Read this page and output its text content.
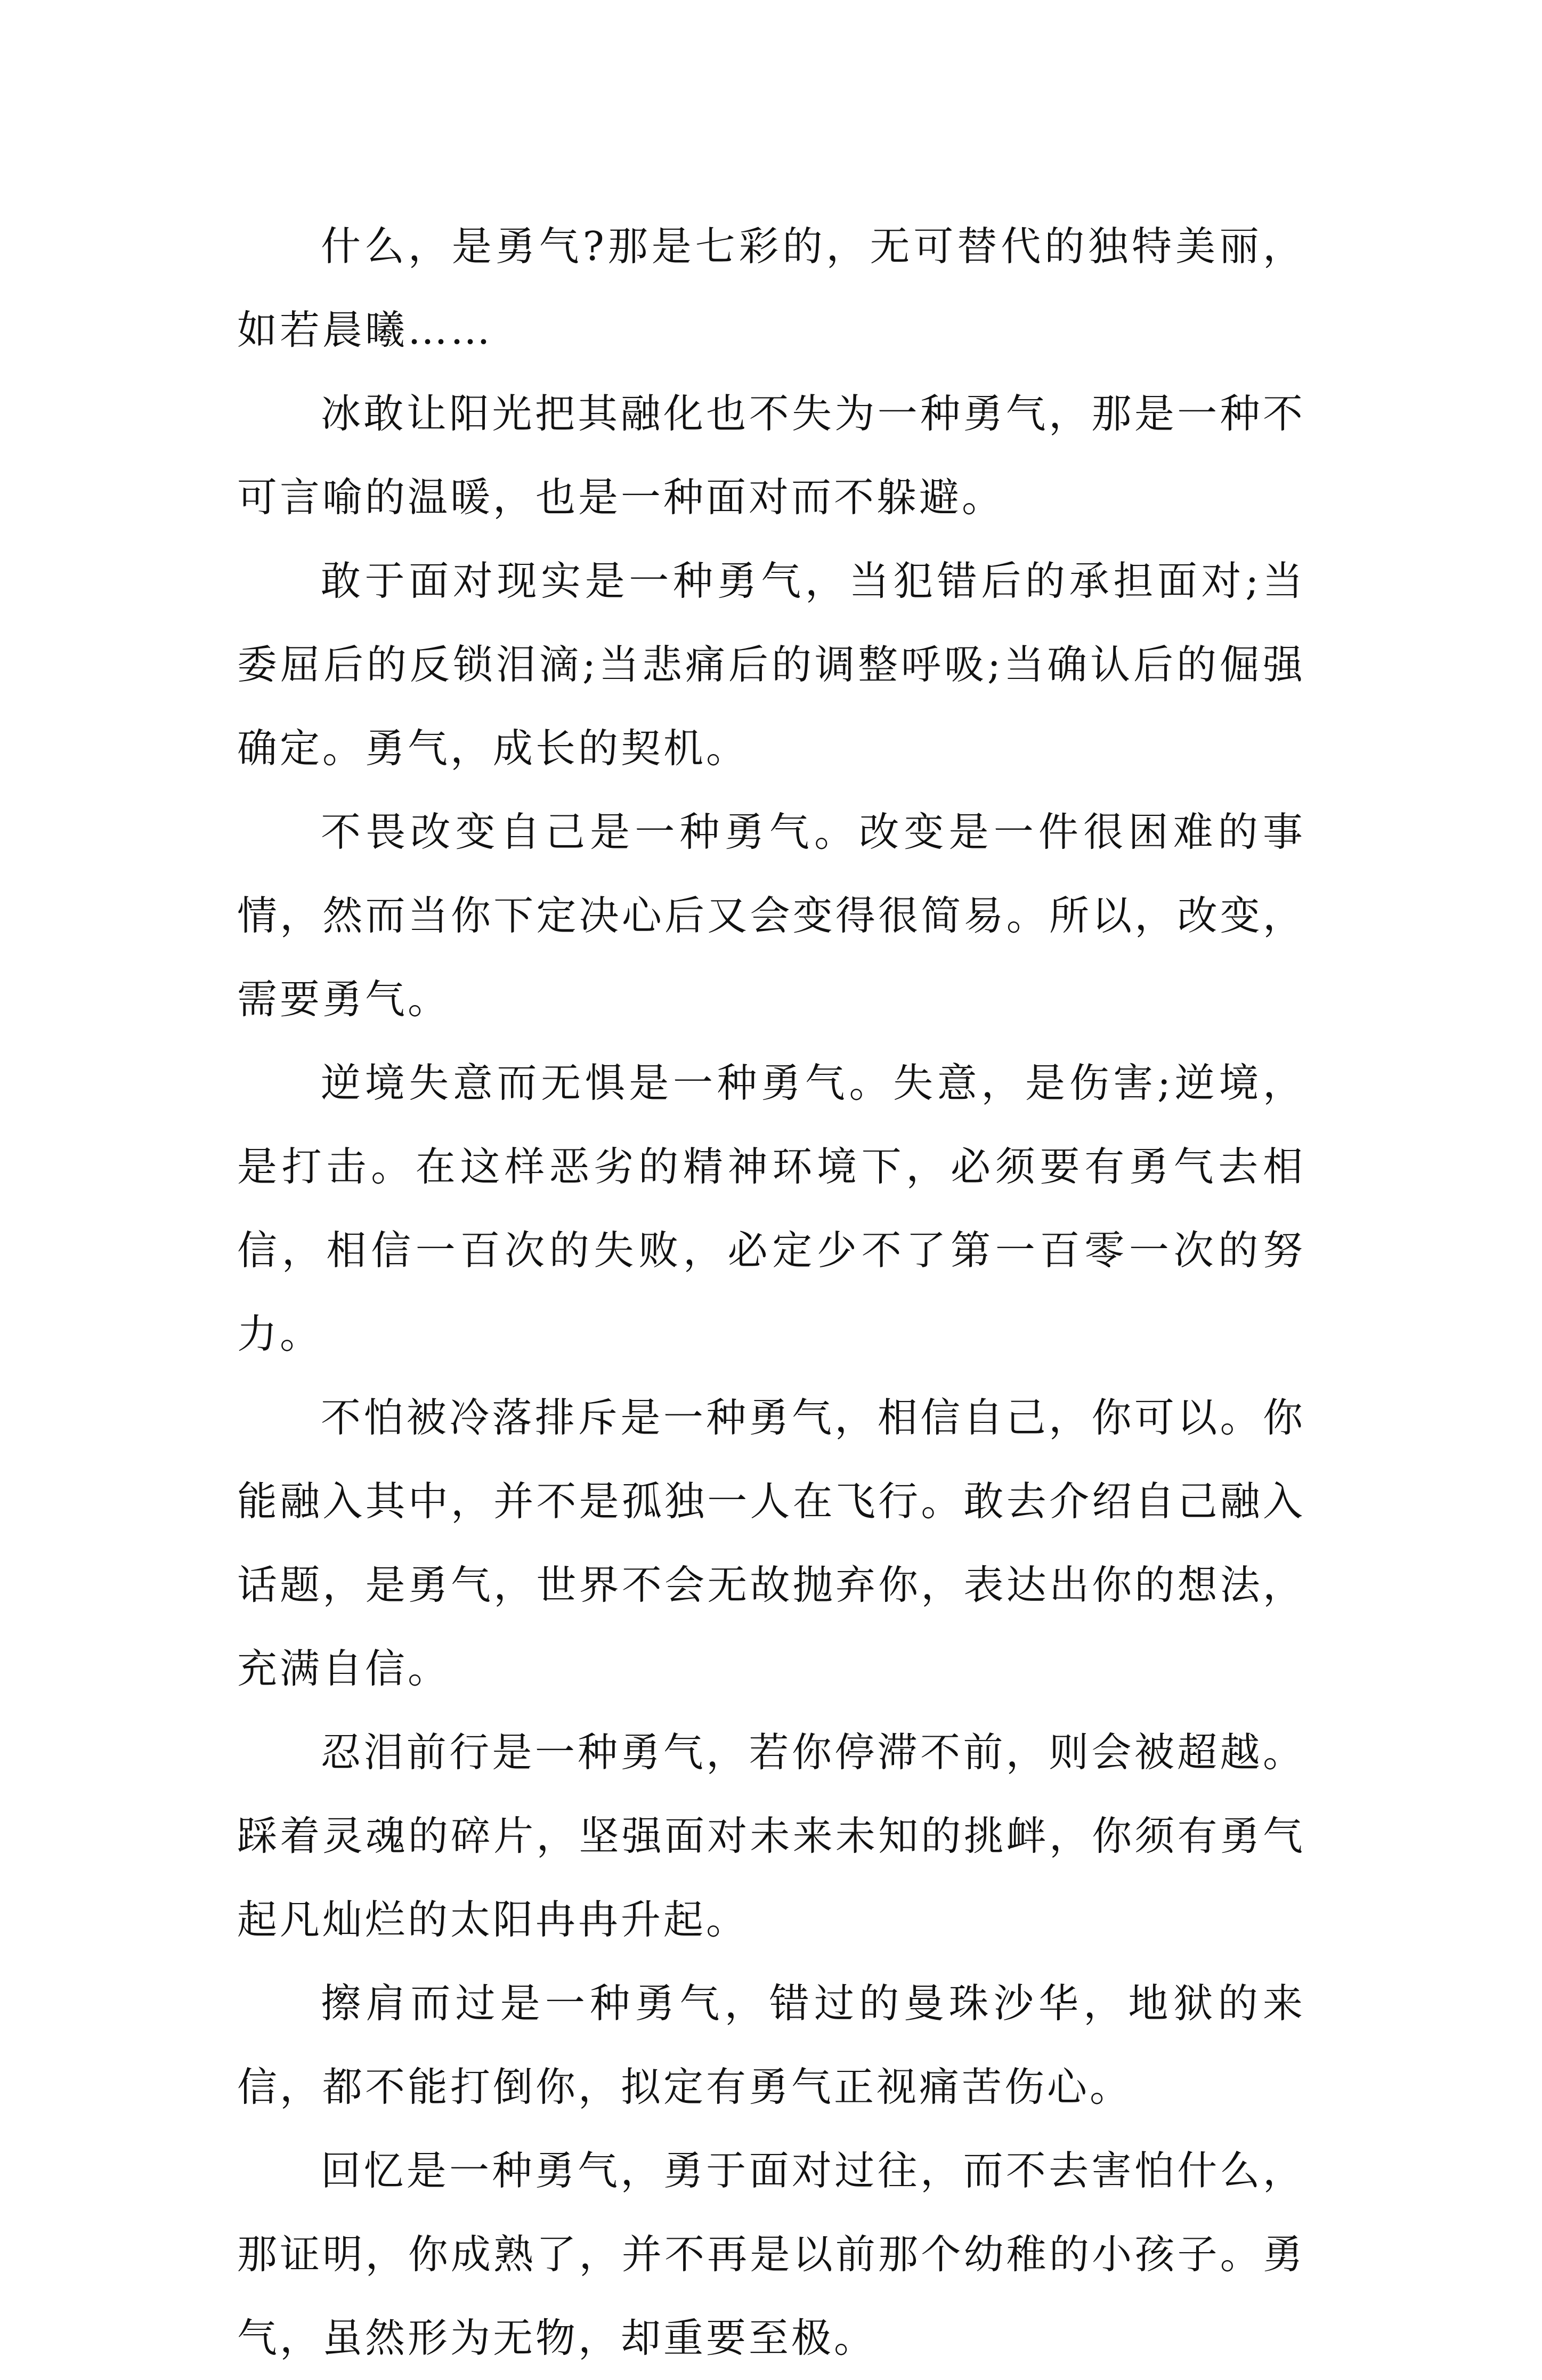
什么，是勇气?那是七彩的，无可替代的独特美丽，如若晨曦……

冰敢让阳光把其融化也不失为一种勇气，那是一种不可言喻的温暖，也是一种面对而不躲避。

敢于面对现实是一种勇气，当犯错后的承担面对;当委屈后的反锁泪滴;当悲痛后的调整呼吸;当确认后的倔强确定。勇气，成长的契机。

不畏改变自己是一种勇气。改变是一件很困难的事情，然而当你下定决心后又会变得很简易。所以，改变，需要勇气。

逆境失意而无惧是一种勇气。失意，是伤害;逆境，是打击。在这样恶劣的精神环境下，必须要有勇气去相信，相信一百次的失败，必定少不了第一百零一次的努力。

不怕被冷落排斥是一种勇气，相信自己，你可以。你能融入其中，并不是孤独一人在飞行。敢去介绍自己融入话题，是勇气，世界不会无故抛弃你，表达出你的想法，充满自信。

忍泪前行是一种勇气，若你停滞不前，则会被超越。踩着灵魂的碎片，坚强面对未来未知的挑衅，你须有勇气起凡灿烂的太阳冉冉升起。

擦肩而过是一种勇气，错过的曼珠沙华，地狱的来信，都不能打倒你，拟定有勇气正视痛苦伤心。

回忆是一种勇气，勇于面对过往，而不去害怕什么，那证明，你成熟了，并不再是以前那个幼稚的小孩子。勇气，虽然形为无物，却重要至极。
